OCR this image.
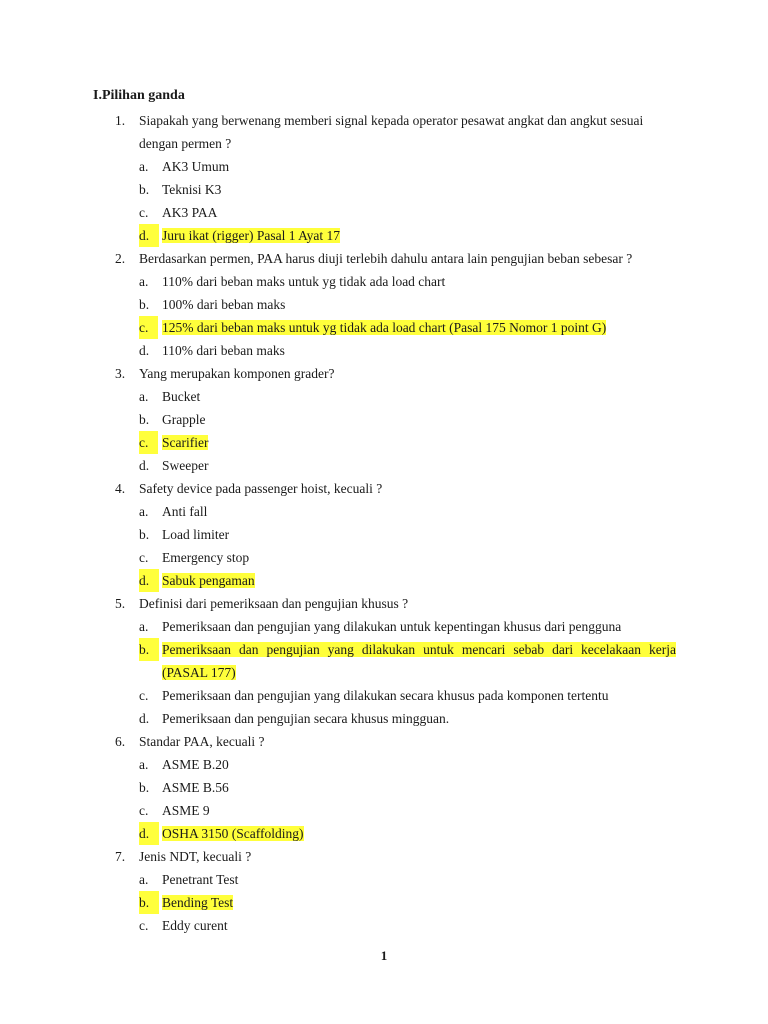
I.Pilihan ganda
1.	Siapakah yang berwenang memberi signal kepada operator pesawat angkat dan angkut sesuai dengan permen ?
a. AK3 Umum
b. Teknisi K3
c. AK3 PAA
d. Juru ikat (rigger) Pasal 1 Ayat 17
2.	Berdasarkan permen, PAA harus diuji terlebih dahulu antara lain pengujian beban sebesar ?
a. 110% dari beban maks untuk yg tidak ada load chart
b. 100% dari beban maks
c.	125% dari beban maks untuk yg tidak ada load chart (Pasal 175 Nomor 1 point G)
d. 110% dari beban maks
3.	Yang merupakan komponen grader?
a. Bucket
b. Grapple
c.	Scarifier
d. Sweeper
4.	Safety device pada passenger hoist, kecuali ?
a. Anti fall
b. Load limiter
c. Emergency stop
d. Sabuk pengaman
5.	Definisi dari pemeriksaan dan pengujian khusus ?
a. Pemeriksaan dan pengujian yang dilakukan untuk kepentingan khusus dari pengguna
b. Pemeriksaan dan pengujian yang dilakukan untuk mencari sebab dari kecelakaan kerja (PASAL 177)
c. Pemeriksaan dan pengujian yang dilakukan secara khusus pada komponen tertentu
d. Pemeriksaan dan pengujian secara khusus mingguan.
6.	Standar PAA, kecuali ?
a. ASME B.20
b. ASME B.56
c. ASME 9
d. OSHA 3150 (Scaffolding)
7.	Jenis NDT, kecuali ?
a. Penetrant Test
b. Bending Test
c. Eddy curent
1
